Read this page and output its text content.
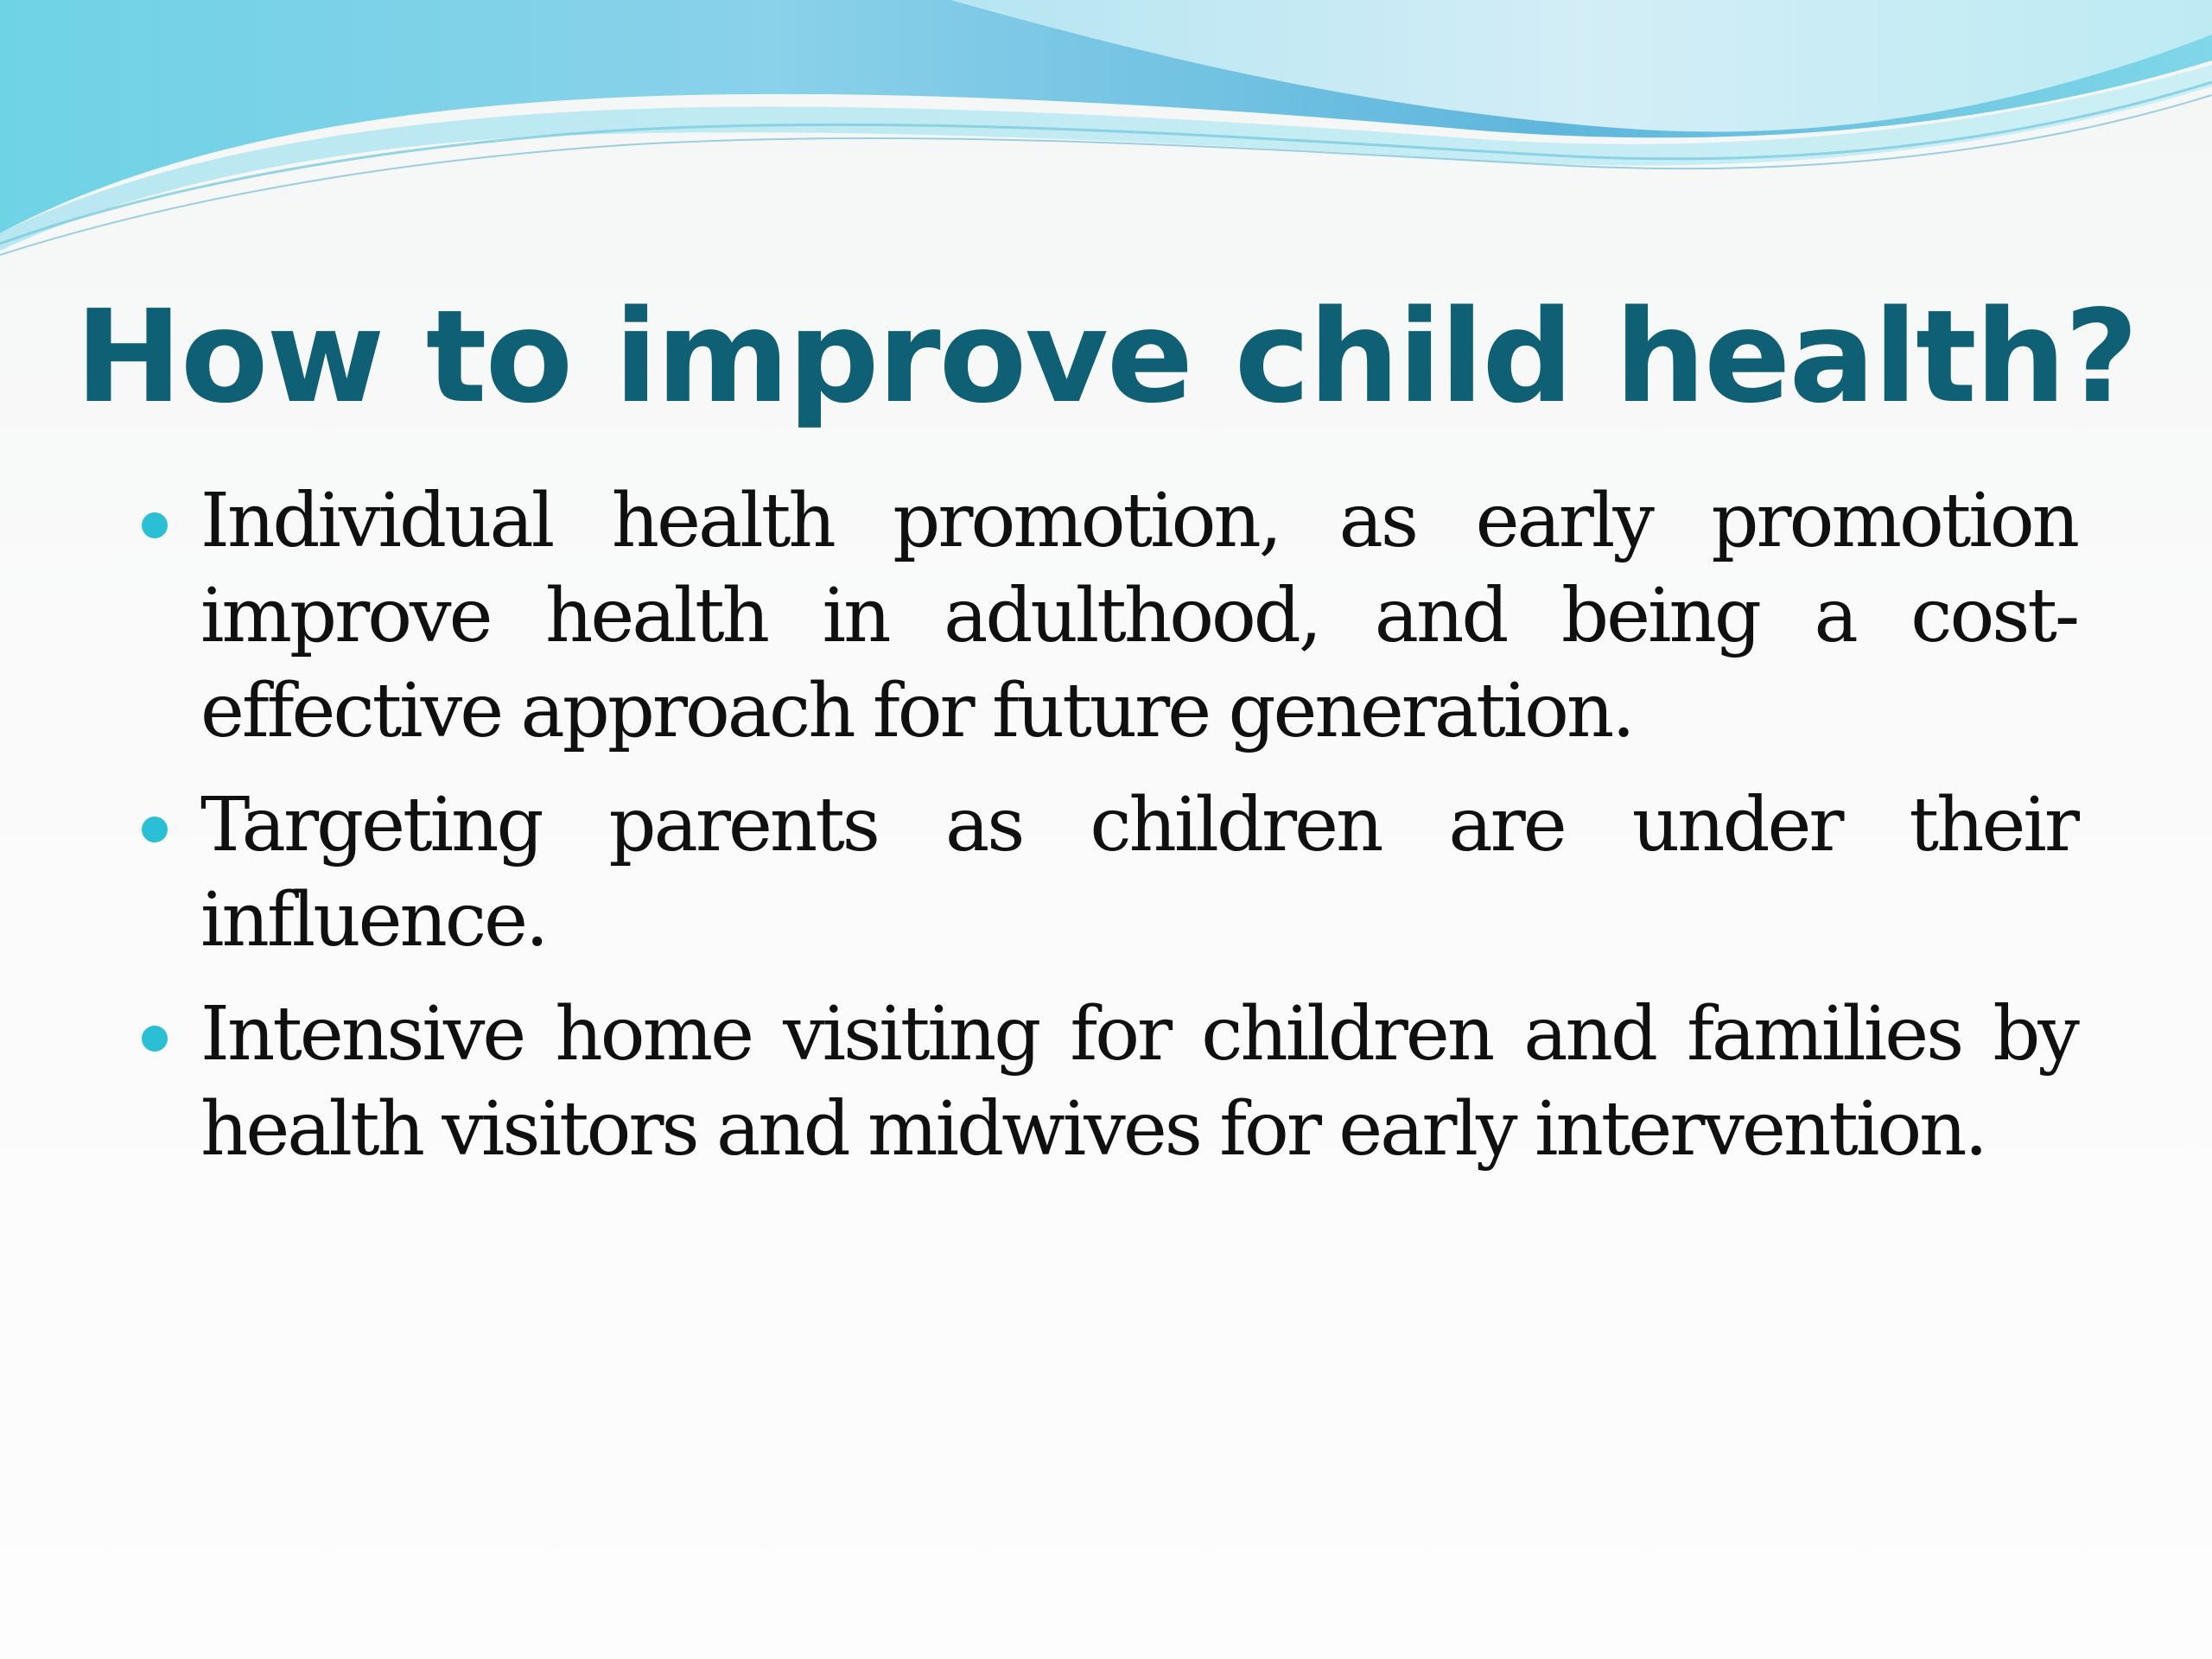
How to improve child health?
Individual health promotion, as early promotion improve health in adulthood, and being a cost-effective approach for future generation.
Targeting parents as children are under their influence.
Intensive home visiting for children and families by health visitors and midwives for early intervention.
